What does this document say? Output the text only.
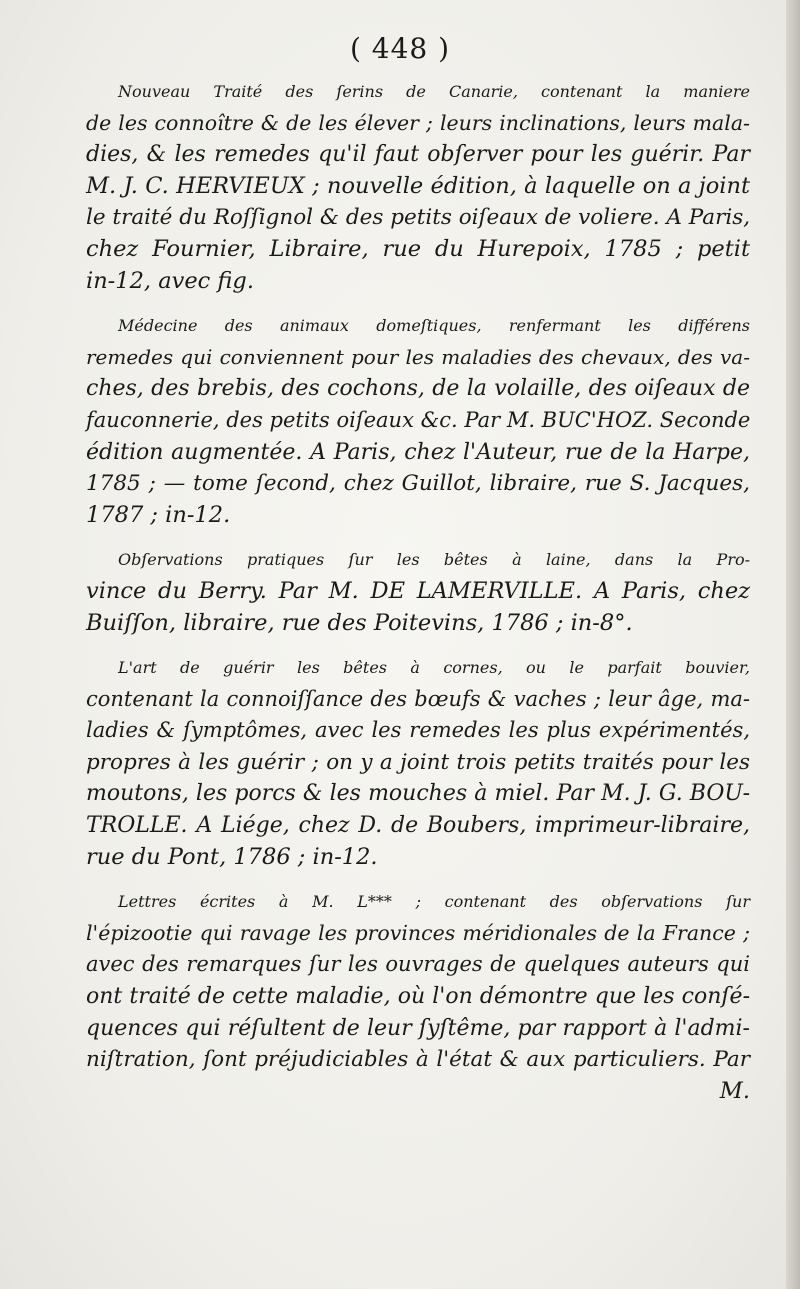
( 448 )

Nouveau Traité des ſerins de Canarie, contenant la maniere
de les connoître & de les élever ; leurs inclinations, leurs mala-
dies, & les remedes qu'il faut obſerver pour les guérir. Par
M. J. C. HERVIEUX ; nouvelle édition, à laquelle on a joint
le traité du Roſſignol & des petits oiſeaux de voliere. A Paris,
chez Fournier, Libraire, rue du Hurepoix, 1785 ; petit
in-12, avec fig.

Médecine des animaux domeſtiques, renfermant les différens
remedes qui conviennent pour les maladies des chevaux, des va-
ches, des brebis, des cochons, de la volaille, des oiſeaux de
fauconnerie, des petits oiſeaux &c. Par M. BUC'HOZ. Seconde
édition augmentée. A Paris, chez l'Auteur, rue de la Harpe,
1785 ; — tome ſecond, chez Guillot, libraire, rue S. Jacques,
1787 ; in-12.

Obſervations pratiques ſur les bêtes à laine, dans la Pro-
vince du Berry. Par M. DE LAMERVILLE. A Paris, chez
Buiſſon, libraire, rue des Poitevins, 1786 ; in-8°.

L'art de guérir les bêtes à cornes, ou le parfait bouvier,
contenant la connoiſſance des bœufs & vaches ; leur âge, ma-
ladies & ſymptômes, avec les remedes les plus expérimentés,
propres à les guérir ; on y a joint trois petits traités pour les
moutons, les porcs & les mouches à miel. Par M. J. G. BOU-
TROLLE. A Liége, chez D. de Boubers, imprimeur-libraire,
rue du Pont, 1786 ; in-12.

Lettres écrites à M. L*** ; contenant des obſervations ſur
l'épizootie qui ravage les provinces méridionales de la France ;
avec des remarques ſur les ouvrages de quelques auteurs qui
ont traité de cette maladie, où l'on démontre que les conſé-
quences qui réſultent de leur ſyſtême, par rapport à l'admi-
niſtration, ſont préjudiciables à l'état & aux particuliers. Par
M.
